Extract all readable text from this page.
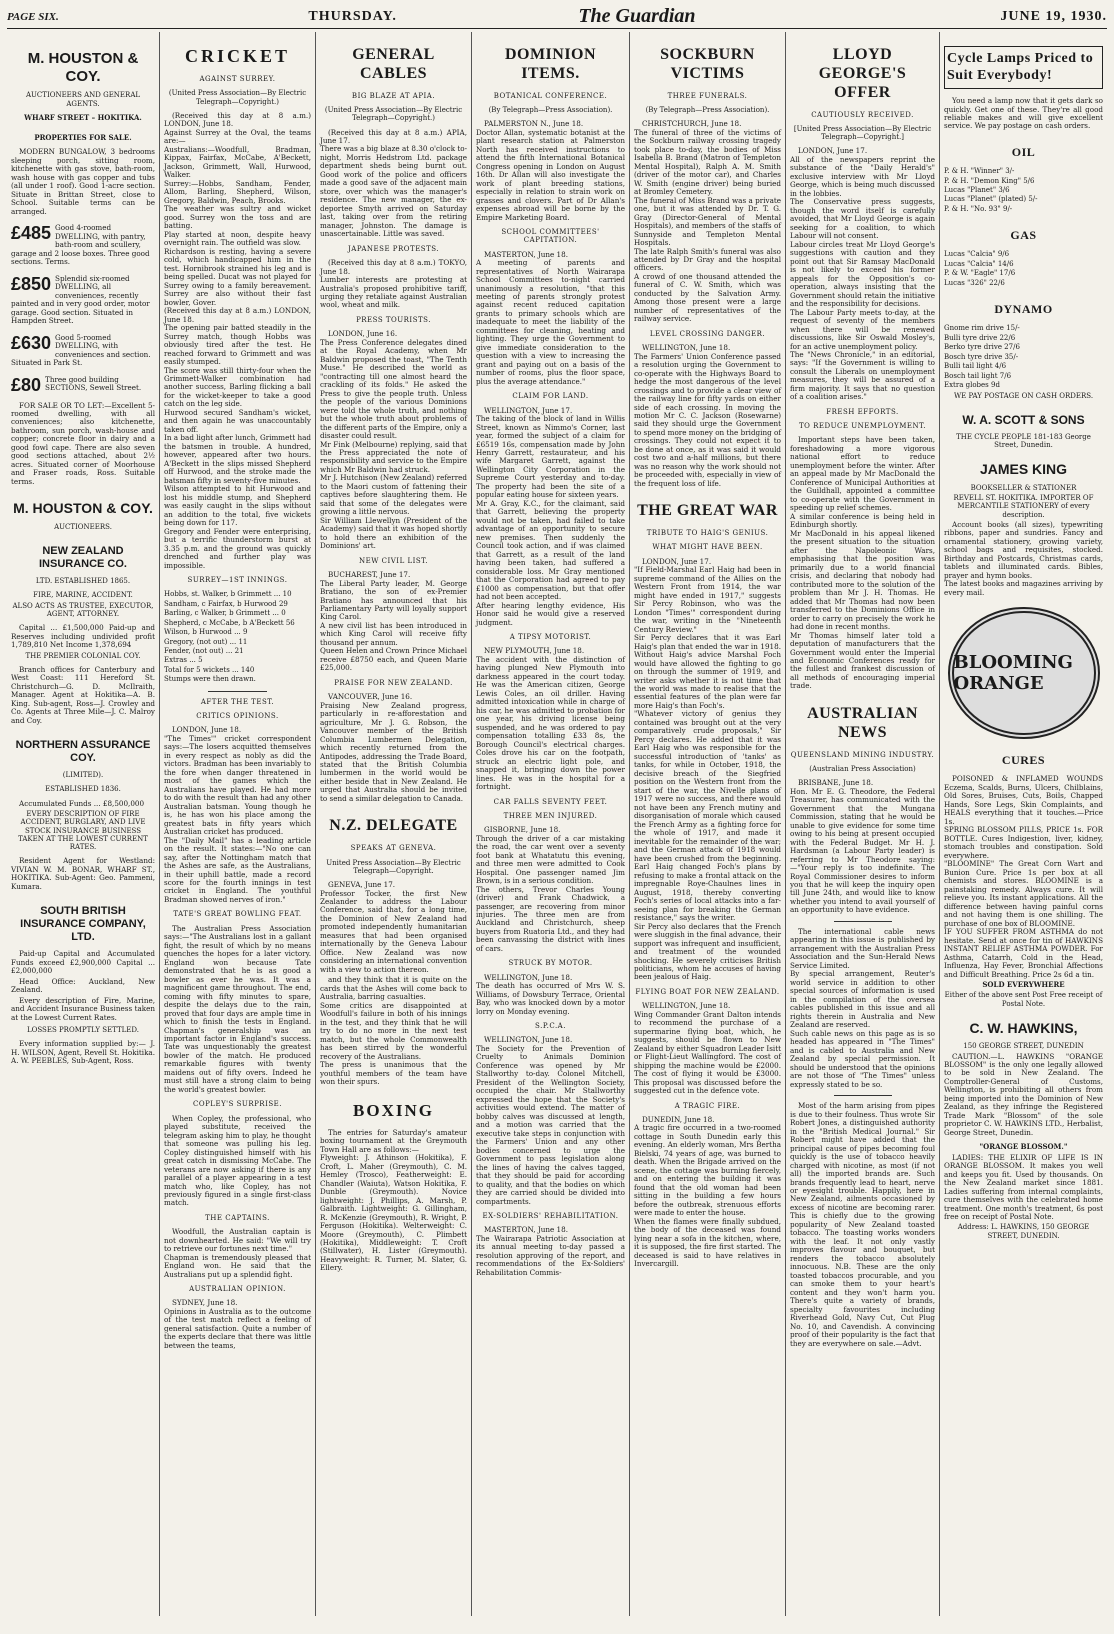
PAGE SIX.	THURSDAY.	The Guardian	JUNE 19, 1930.
M. HOUSTON & COY.
AUCTIONEERS AND GENERAL AGENTS.
WHARF STREET – HOKITIKA.
PROPERTIES FOR SALE.

MODERN BUNGALOW, 3 bedrooms sleeping porch, sitting room, kitchenette with gas stove, bath-room, wash house with gas copper and tubs (all under 1 roof). Good 1-acre section. Situate in Brittan Street, close to School. Suitable terms can be arranged.

£485 Good 4-roomed DWELLING, with pantry, bath-room and scullery, garage and 2 loose boxes. Three good sections. Terms.
£850 Splendid six-roomed DWELLING, all conveniences, recently painted and in very good order, motor garage. Good section. Situated in Hampden Street.
£630 Good 5-roomed DWELLING, with conveniences and section. Situated in Park St.
£80 Three good building SECTIONS, Sewell Street.

FOR SALE OR TO LET:—Excellent 5-roomed dwelling, with all conveniences; also kitchenette, bathroom, sun porch, wash-house and copper; concrete floor in dairy and a good fowl cape. There are also seven good sections attached, about 2½ acres. Situated corner of Moorhouse and Fraser roads, Ross. Suitable terms.

M. HOUSTON & COY.
AUCTIONEERS.
NEW ZEALAND INSURANCE CO.
LTD. ESTABLISHED 1865.
FIRE, MARINE, ACCIDENT.
ALSO ACTS AS TRUSTEE, EXECUTOR, AGENT, ATTORNEY.

Capital ... £1,500,000 Paid-up and Reserves including undivided profit 1,789,810 Net Income 1,378,694

THE PREMIER COLONIAL COY.

Branch offices for Canterbury and West Coast: 111 Hereford St. Christchurch—G. D. McIlraith, Manager. Agent at Hokitika—A. B. King. Sub-agent, Ross—J. Crowley and Co. Agents at Three Mile—J. C. Malroy and Coy.

NORTHERN ASSURANCE COY.
(LIMITED).
ESTABLISHED 1836.

Accumulated Funds ... £8,500,000

EVERY DESCRIPTION OF FIRE ACCIDENT, BURGLARY, AND LIVE STOCK INSURANCE BUSINESS TAKEN AT THE LOWEST CURRENT RATES.

Resident Agent for Westland: VIVIAN W. M. BONAR, WHARF ST., HOKITIKA. Sub-Agent: Geo. Pammeni, Kumara.

SOUTH BRITISH INSURANCE COMPANY, LTD.

Paid-up Capital and Accumulated Funds exceed £2,900,000 Capital ... £2,000,000

Head Office: Auckland, New Zealand.

Every description of Fire, Marine, and Accident Insurance Business taken at the Lowest Current Rates.

LOSSES PROMPTLY SETTLED.

Every information supplied by:— J. H. WILSON, Agent, Revell St. Hokitika. A. W. PEEBLES, Sub-Agent, Ross.

CRICKET
AGAINST SURREY.
(United Press Association—By Electric Telegraph—Copyright.)

(Received this day at 8 a.m.) LONDON, June 18.
Against Surrey at the Oval, the teams are:—
Australians:—Woodfull, Bradman, Kippax, Fairfax, McCabe, A'Beckett, Jackson, Grimmett, Wall, Hurwood, Walker.
Surrey:—Hobbs, Sandham, Fender, Allom, Barling, Shepherd, Wilson, Gregory, Baldwin, Peach, Brooks.
The weather was sultry and wicket good. Surrey won the toss and are batting.
Play started at noon, despite heavy overnight rain. The outfield was slow.
Richardson is resting, having a severe cold, which handicapped him in the test. Hornibrook strained his leg and is being spelled. Ducat was not played for Surrey owing to a family bereavement. Surrey are also without their fast bowler, Gover.
(Received this day at 8 a.m.) LONDON, June 18.
The opening pair batted steadily in the Surrey match, though Hobbs was obviously tired after the test. He reached forward to Grimmett and was easily stumped.
The score was still thirty-four when the Grimmett-Walker combination had another success, Barling flicking a ball for the wicket-keeper to take a good catch on the leg side.
Hurwood secured Sandham's wicket, and then again he was unaccountably taken off.
In a bad light after lunch, Grimmett had the batsmen in trouble. A hundred, however, appeared after two hours. A'Beckett in the slips missed Shepherd off Hurwood, and the stroke made the batsman fifty in seventy-five minutes.
Wilson attempted to hit Hurwood and lost his middle stump, and Shepherd was easily caught in the slips without an addition to the total, five wickets being down for 117.
Gregory and Fender were enterprising, but a terrific thunderstorm burst at 3.35 p.m. and the ground was quickly drenched and further play was impossible.

SURREY—1ST INNINGS.

Hobbs, st. Walker, b Grimmett ... 10
Sandham, c Fairfax, b Hurwood 29
Barling, c Walker, b Grimmett ... 0
Shepherd, c McCabe, b A'Beckett 56
Wilson, b Hurwood ... 9
Gregory, (not out) ... 11
Fender, (not out) ... 21
Extras ... 5
Total for 5 wickets ... 140
Stumps were then drawn.

AFTER THE TEST.
CRITICS OPINIONS.

LONDON, June 18.
"The Times'" cricket correspondent says:—The losers acquitted themselves in every respect as nobly as did the victors. Bradman has been invariably to the fore when danger threatened in most of the games which the Australians have played. He had more to do with the result than had any other Australian batsman. Young though he is, he has won his place among the greatest bats in fifty years which Australian cricket has produced.
The "Daily Mail" has a leading article on the result. It states:—"No one can say, after the Nottingham match that the Ashes are safe, as the Australians, in their uphill battle, made a record score for the fourth innings in test cricket in England. The youthful Bradman showed nerves of iron."

TATE'S GREAT BOWLING FEAT.

The Australian Press Association says:—"The Australians lost in a gallant fight, the result of which by no means quenches the hopes for a later victory. England won because Tate demonstrated that he is as good a bowler as ever he was. It was a magnificent game throughout. The end, coming with fifty minutes to spare, despite the delays due to the rain, proved that four days are ample time in which to finish the tests in England. Chapman's generalship was an important factor in England's success. Tate was unquestionably the greatest bowler of the match. He produced remarkable figures with twenty maidens out of fifty overs. Indeed he must still have a strong claim to being the world's greatest bowler.

COPLEY'S SURPRISE.

When Copley, the professional, who played substitute, received the telegram asking him to play, he thought that someone was pulling his leg. Copley distinguished himself with his great catch in dismissing McCabe. The veterans are now asking if there is any parallel of a player appearing in a test match who, like Copley, has not previously figured in a single first-class match.

THE CAPTAINS.

Woodfull, the Australian captain is not downhearted. He said: "We will try to retrieve our fortunes next time."
Chapman is tremendously pleased that England won. He said that the Australians put up a splendid fight.

AUSTRALIAN OPINION.

SYDNEY, June 18.
Opinions in Australia as to the outcome of the test match reflect a feeling of general satisfaction. Quite a number of the experts declare that there was little between the teams,

GENERAL CABLES
BIG BLAZE AT APIA.
(United Press Association—By Electric Telegraph—Copyright.)

(Received this day at 8 a.m.) APIA, June 17.
There was a big blaze at 8.30 o'clock to-night, Morris Hedstrom Ltd. package department sheds being burnt out. Good work of the police and officers made a good save of the adjacent main store, over which was the manager's residence. The new manager, the ex-deportee Smyth arrived on Saturday last, taking over from the retiring manager, Johnston. The damage is unascertainable. Little was saved.

JAPANESE PROTESTS.

(Received this day at 8 a.m.) TOKYO, June 18.
Lumber interests are protesting at Australia's proposed prohibitive tariff, urging they retaliate against Australian wool, wheat and milk.

PRESS TOURISTS.

LONDON, June 16.
The Press Conference delegates dined at the Royal Academy, when Mr Baldwin proposed the toast, "The Tenth Muse." He described the world as "contracting till one almost heard the crackling of its folds." He asked the Press to give the people truth. Unless the people of the various Dominions were told the whole truth, and nothing but the whole truth about problems of the different parts of the Empire, only a disaster could result.
Mr Fink (Melbourne) replying, said that the Press appreciated the note of responsibility and service to the Empire which Mr Baldwin had struck.
Mr J. Hutchison (New Zealand) referred to the Maori custom of fattening their captives before slaughtering them. He said that some of the delegates were growing a little nervous.
Sir William Llewellyn (President of the Academy) said that it was hoped shortly to hold there an exhibition of the Dominions' art.

NEW CIVIL LIST.

BUCHAREST, June 17.
The Liberal Party leader, M. George Bratiano, the son of ex-Premier Bratiano has announced that his Parliamentary Party will loyally support King Carol.
A new civil list has been introduced in which King Carol will receive fifty thousand per annum.
Queen Helen and Crown Prince Michael receive £8750 each, and Queen Marie £25,000.

PRAISE FOR NEW ZEALAND.

VANCOUVER, June 16.
Praising New Zealand progress, particularly in re-afforestation and agriculture, Mr J. G. Robson, the Vancouver member of the British Columbia Lumbermen Delegation, which recently returned from the Antipodes, addressing the Trade Board, stated that the British Columbia lumbermen in the world would be either beside that in New Zealand. He urged that Australia should be invited to send a similar delegation to Canada.

N.Z. DELEGATE
SPEAKS AT GENEVA.
United Press Association—By Electric Telegraph—Copyright.

GENEVA, June 17.
Professor Tocker, the first New Zealander to address the Labour Conference, said that, for a long time, the Dominion of New Zealand had promoted independently humanitarian measures that had been organised internationally by the Geneva Labour Office. New Zealand was now considering an international convention with a view to action thereon.

and they think that it is quite on the cards that the Ashes will come back to Australia, barring casualties.
Some critics are disappointed at Woodfull's failure in both of his innings in the test, and they think that he will try to do no more in the next test match, but the whole Commonwealth has been stirred by the wonderful recovery of the Australians.
The press is unanimous that the youthful members of the team have won their spurs.

BOXING

The entries for Saturday's amateur boxing tournament at the Greymouth Town Hall are as follows:—
Flyweight: J. Athinson (Hokitika), F. Croft, L. Maher (Greymouth), C. M. Hemley (Trosco), Featherweight: E. Chandler (Waiuta), Watson Hokitika, F. Dunble (Greymouth). Novice lightweight: J. Phillips, A. Marsh, P. Galbraith. Lightweight: G. Gillingham, R. McKenzie (Greymouth), R. Wright, P. Ferguson (Hokitika). Welterweight: C. Moore (Greymouth), C. Plimbett (Hokitika), Middleweight: T. Croft (Stillwater), H. Lister (Greymouth). Heavyweight: R. Turner, M. Slater, G. Ellery.

DOMINION ITEMS.
BOTANICAL CONFERENCE.
(By Telegraph—Press Association).

PALMERSTON N., June 18.
Doctor Allan, systematic botanist at the plant research station at Palmerston North has received instructions to attend the fifth International Botanical Congress opening in London on August 16th. Dr Allan will also investigate the work of plant breeding stations, especially in relation to strain work on grasses and clovers. Part of Dr Allan's expenses abroad will be borne by the Empire Marketing Board.

SCHOOL COMMITTEES' CAPITATION.

MASTERTON, June 18.
A meeting of parents and representatives of North Wairarapa School Committees to-night carried unanimously a resolution, "that this meeting of parents strongly protest against recent reduced capitation grants to primary schools which are inadequate to meet the liability of the committees for cleaning, heating and lighting. They urge the Government to give immediate consideration to the question with a view to increasing the grant and paying out on a basis of the number of rooms, plus the floor space, plus the average attendance."

CLAIM FOR LAND.

WELLINGTON, June 17.
The taking of the block of land in Willis Street, known as Nimmo's Corner, last year, formed the subject of a claim for £6519 16s, compensation made by John Henry Garrett, restaurateur, and his wife Margaret Garrett, against the Wellington City Corporation in the Supreme Court yesterday and to-day. The property had been the site of a popular eating house for sixteen years.
Mr A. Gray, K.C., for the claimant, said that Garrett, believing the property would not be taken, had failed to take advantage of an opportunity to secure new premises. Then suddenly the Council took action, and if was claimed that Garrett, as a result of the land having been taken, had suffered a considerable loss. Mr Gray mentioned that the Corporation had agreed to pay £1000 as compensation, but that offer had not been accepted.
After hearing lengthy evidence, His Honor said he would give a reserved judgment.

A TIPSY MOTORIST.

NEW PLYMOUTH, June 18.
The accident with the distinction of having plunged New Plymouth into darkness appeared in the court today. He was the American citizen, George Lewis Coles, an oil driller. Having admitted intoxication while in charge of his car, he was admitted to probation for one year, his driving license being suspended, and he was ordered to pay compensation totalling £33 8s, the Borough Council's electrical charges. Coles drove his car on the footpath, struck an electric light pole, and snapped it, bringing down the power lines. He was in the hospital for a fortnight.

CAR FALLS SEVENTY FEET.
THREE MEN INJURED.

GISBORNE, June 18.
Through the driver of a car mistaking the road, the car went over a seventy foot bank at Whatatutu this evening, and three men were admitted to Cook Hospital. One passenger named Jim Brown, is in a serious condition.
The others, Trevor Charles Young (driver) and Frank Chadwick, a passenger, are recovering from minor injuries. The three men are from Auckland and Christchurch, sheep buyers from Ruatoria Ltd., and they had been canvassing the district with lines of cars.

STRUCK BY MOTOR.

WELLINGTON, June 18.
The death has occurred of Mrs W. S. Williams, of Dowsbury Terrace, Oriental Bay, who was knocked down by a motor lorry on Monday evening.

S.P.C.A.

WELLINGTON, June 18.
The Society for the Prevention of Cruelty to Animals Dominion Conference was opened by Mr Stallworthy to-day. Colonel Mitchell, President of the Wellington Society, occupied the chair. Mr Stallworthy expressed the hope that the Society's activities would extend. The matter of bobby calves was discussed at length, and a motion was carried that the executive take steps in conjunction with the Farmers' Union and any other bodies concerned to urge the Government to pass legislation along the lines of having the calves tagged, that they should be paid for according to quality, and that the bodies on which they are carried should be divided into compartments.

EX-SOLDIERS' REHABILITATION.

MASTERTON, June 18.
The Wairarapa Patriotic Association at its annual meeting to-day passed a resolution approving of the report, and recommendations of the Ex-Soldiers' Rehabilitation Commis-

SOCKBURN VICTIMS
THREE FUNERALS.
(By Telegraph—Press Association).

CHRISTCHURCH, June 18.
The funeral of three of the victims of the Sockburn railway crossing tragedy took place to-day, the bodies of Miss Isabella B. Brand (Matron of Templeton Mental Hospital), Ralph A. M. Smith (driver of the motor car), and Charles W. Smith (engine driver) being buried at Bromley Cemetery.
The funeral of Miss Brand was a private one, but it was attended by Dr. T. G. Gray (Director-General of Mental Hospitals), and members of the staffs of Sunnyside and Templeton Mental Hospitals.
The late Ralph Smith's funeral was also attended by Dr Gray and the hospital officers.
A crowd of one thousand attended the funeral of C. W. Smith, which was conducted by the Salvation Army. Among those present were a large number of representatives of the railway service.

LEVEL CROSSING DANGER.

WELLINGTON, June 18.
The Farmers' Union Conference passed a resolution urging the Government to co-operate with the Highways Board to hedge the most dangerous of the level crossings and to provide a clear view of the railway line for fifty yards on either side of each crossing. In moving the motion Mr C. C. Jackson (Rosewarne) said they should urge the Government to spend more money on the bridging of crossings. They could not expect it to be done at once, as it was said it would cost two and a-half millions, but there was no reason why the work should not be proceeded with, especially in view of the frequent loss of life.

THE GREAT WAR
TRIBUTE TO HAIG'S GENIUS.
WHAT MIGHT HAVE BEEN.

LONDON, June 17.
"If Field-Marshal Earl Haig had been in supreme command of the Allies on the Western Front from 1914, the war might have ended in 1917," suggests Sir Percy Robinson, who was the London "Times'" correspondent during the war, writing in the "Nineteenth Century Review."
Sir Percy declares that it was Earl Haig's plan that ended the war in 1918. Without Haig's advice Marshal Foch would have allowed the fighting to go on through the summer of 1919, and writer asks whether it is not time that the world was made to realise that the essential features of the plan were far more Haig's than Foch's.
"Whatever victory of genius they contained was brought out at the very comparatively crude proposals," Sir Percy declares. He added that it was Earl Haig who was responsible for the successful introduction of 'tanks' as tanks, for while in October, 1918, the decisive breach of the Siegfried position on the Western front from the start of the war, the Nivelle plans of 1917 were no success, and there would not have been any French mutiny and disorganisation of morale which caused the French Army as a fighting force for the whole of 1917, and made it inevitable for the remainder of the war; and the German attack of 1918 would have been crushed from the beginning. Earl Haig changed Foch's plans by refusing to make a frontal attack on the impregnable Roye-Chaulnes lines in August, 1918, thereby converting Foch's series of local attacks into a far-seeing plan for breaking the German resistance," says the writer.
Sir Percy also declares that the French were sluggish in the final advance, their support was infrequent and insufficient, and treatment of the wounded shocking. He severely criticises British politicians, whom he accuses of having been jealous of Haig.

FLYING BOAT FOR NEW ZEALAND.

WELLINGTON, June 18.
Wing Commander Grant Dalton intends to recommend the purchase of a supermarine flying boat, which, he suggests, should be flown to New Zealand by either Squadron Leader Isitt or Flight-Lieut Wallingford. The cost of shipping the machine would be £2000. The cost of flying it would be £3000. This proposal was discussed before the suggested cut in the defence vote.

A TRAGIC FIRE.

DUNEDIN, June 18.
A tragic fire occurred in a two-roomed cottage in South Dunedin early this evening. An elderly woman, Mrs Bertha Bielski, 74 years of age, was burned to death. When the Brigade arrived on the scene, the cottage was burning fiercely, and on entering the building it was found that the old woman had been sitting in the building a few hours before the outbreak, strenuous efforts were made to enter the house.
When the flames were finally subdued, the body of the deceased was found lying near a sofa in the kitchen, where, it is supposed, the fire first started. The deceased is said to have relatives in Invercargill.

LLOYD GEORGE'S OFFER
CAUTIOUSLY RECEIVED.
[United Press Association—By Electric Telegraph—Copyright.]

LONDON, June 17.
All of the newspapers reprint the substance of the "Daily Herald's" exclusive interview with Mr Lloyd George, which is being much discussed in the lobbies.
The Conservative press suggests, though the word itself is carefully avoided, that Mr Lloyd George is again seeking for a coalition, to which Labour will not consent.
Labour circles treat Mr Lloyd George's suggestions with caution and they point out that Sir Ramsay MacDonald is not likely to exceed his former appeals for the Opposition's co-operation, always insisting that the Government should retain the initiative and the responsibility for decisions.
The Labour Party meets to-day, at the request of seventy of the members when there will be renewed discussions, like Sir Oswald Mosley's, for an active unemployment policy.
The "News Chronicle," in an editorial, says: "If the Government is willing to consult the Liberals on unemployment measures, they will be assured of a firm majority. It says that no question of a coalition arises."

FRESH EFFORTS.
TO REDUCE UNEMPLOYMENT.

Important steps have been taken, foreshadowing a more vigorous national effort to reduce unemployment before the winter. After an appeal made by Mr MacDonald the Conference of Municipal Authorities at the Guildhall, appointed a committee to co-operate with the Government in speeding up relief schemes.
A similar conference is being held in Edinburgh shortly.
Mr MacDonald in his appeal likened the present situation to the situation after the Napoleonic Wars, emphasising that the position was primarily due to a world financial crisis, and declaring that nobody had contributed more to the solution of the problem than Mr J. H. Thomas. He added that Mr Thomas had now been transferred to the Dominions Office in order to carry on precisely the work he had done in recent months.
Mr Thomas himself later told a deputation of manufacturers that the Government would enter the Imperial and Economic Conferences ready for the fullest and frankest discussion of all methods of encouraging imperial trade.

AUSTRALIAN NEWS
QUEENSLAND MINING INDUSTRY.
(Australian Press Association)

BRISBANE, June 18.
Hon. Mr E. G. Theodore, the Federal Treasurer, has communicated with the Government that the Mungana Commission, stating that he would be unable to give evidence for some time owing to his being at present occupied with the Federal Budget. Mr H. J. Hardsman (a Labour Party leader) is referring to Mr Theodore saying:—"Your reply is too indefinite. The Royal Commissioner desires to inform you that he will keep the inquiry open till June 24th, and would like to know whether you intend to avail yourself of an opportunity to have evidence.

The international cable news appearing in this issue is published by arrangement with the Australian Press Association and the Sun-Herald News Service Limited.
By special arrangement, Reuter's world service in addition to other special sources of information is used in the compilation of the oversea cables published in this issue and all rights therein in Australia and New Zealand are reserved.
Such cable news on this page as is so headed has appeared in "The Times" and is cabled to Australia and New Zealand by special permission. It should be understood that the opinions are not those of "The Times" unless expressly stated to be so.

Most of the harm arising from pipes is due to their foulness. Thus wrote Sir Robert Jones, a distinguished authority in the "British Medical Journal." Sir Robert might have added that the principal cause of pipes becoming foul quickly is the use of tobacco heavily charged with nicotine, as most (if not all) the imported brands are. Such brands frequently lead to heart, nerve or eyesight trouble. Happily, here in New Zealand, ailments occasioned by excess of nicotine are becoming rarer. This is chiefly due to the growing popularity of New Zealand toasted tobacco. The toasting works wonders with the leaf. It not only vastly improves flavour and bouquet, but renders the tobacco absolutely innocuous. N.B. These are the only toasted tobaccos procurable, and you can smoke them to your heart's content and they won't harm you. There's quite a variety of brands, specialty favourites including Riverhead Gold, Navy Cut, Cut Plug No. 10, and Cavendish. A convincing proof of their popularity is the fact that they are everywhere on sale.—Advt.

Cycle Lamps Priced to Suit Everybody!

You need a lamp now that it gets dark so quickly. Get one of these. They're all good reliable makes and will give excellent service. We pay postage on cash orders.

OIL

P. & H. "Winner" 3/-
P. & H. "Demon King" 5/6
Lucas "Planet" 3/6
Lucas "Planet" (plated) 5/-
P. & H. "No. 93" 9/-

GAS

Lucas "Calcia" 9/6
Lucas "Calcia" 14/6
P. & W. "Eagle" 17/6
Lucas "326" 22/6

DYNAMO

Gnome rim drive 15/-
Bulli tyre drive 22/6
Berko tyre drive 27/6
Bosch tyre drive 35/-
Bulli tail light 4/6
Bosch tail light 7/6
Extra globes 9d

WE PAY POSTAGE ON CASH ORDERS.
W. A. SCOTT & SONS
THE CYCLE PEOPLE 181-183 George Street, Dunedin.
JAMES KING
BOOKSELLER & STATIONER
REVELL ST. HOKITIKA. IMPORTER OF MERCANTILE STATIONERY of every description.

Account books (all sizes), typewriting ribbons, paper and sundries. Fancy and ornamental stationery, growing variety, school bags and requisites, stocked. Birthday and Postcards, Christmas cards, tablets and illuminated cards. Bibles, prayer and hymn books.
The latest books and magazines arriving by every mail.

BLOOMING ORANGE
CURES

POISONED & INFLAMED WOUNDS Eczema, Scalds, Burns, Ulcers, Chilblains, Old Sores, Bruises, Cuts, Boils, Chapped Hands, Sore Legs, Skin Complaints, and HEALS everything that it touches.—Price 1s.
SPRING BLOSSOM PILLS, PRICE 1s. FOR BOTTLE. Cures Indigestion, liver, kidney, stomach troubles and constipation. Sold everywhere.
"BLOOMINE" The Great Corn Wart and Bunion Cure. Price 1s per box at all chemists and stores. BLOOMINE is a painstaking remedy. Always cure. It will relieve you. Its instant applications. All the difference between having painful corns and not having them is one shilling. The purchase of one box of BLOOMINE.
IF YOU SUFFER FROM ASTHMA do not hesitate. Send at once for tin of HAWKINS INSTANT RELIEF ASTHMA POWDER. For Asthma, Catarrh, Cold in the Head, Influenza, Hay Fever, Bronchial Affections and Difficult Breathing. Price 2s 6d a tin.

SOLD EVERYWHERE
Either of the above sent Post Free receipt of Postal Note.
C. W. HAWKINS,
150 GEORGE STREET, DUNEDIN

CAUTION.—L. HAWKINS "ORANGE BLOSSOM" is the only one legally allowed to be sold in New Zealand. The Comptroller-General of Customs, Wellington, is prohibiting all others from being imported into the Dominion of New Zealand, as they infringe the Registered Trade Mark "Blossom" of the sole proprietor C. W. HAWKINS LTD., Herbalist, George Street, Dunedin.

"ORANGE BLOSSOM."

LADIES: THE ELIXIR OF LIFE IS IN ORANGE BLOSSOM. It makes you well and keeps you fit. Used by thousands. On the New Zealand market since 1881. Ladies suffering from internal complaints, cure themselves with the celebrated home treatment. One month's treatment, 6s post free on receipt of Postal Note.

Address: L. HAWKINS, 150 GEORGE STREET, DUNEDIN.
